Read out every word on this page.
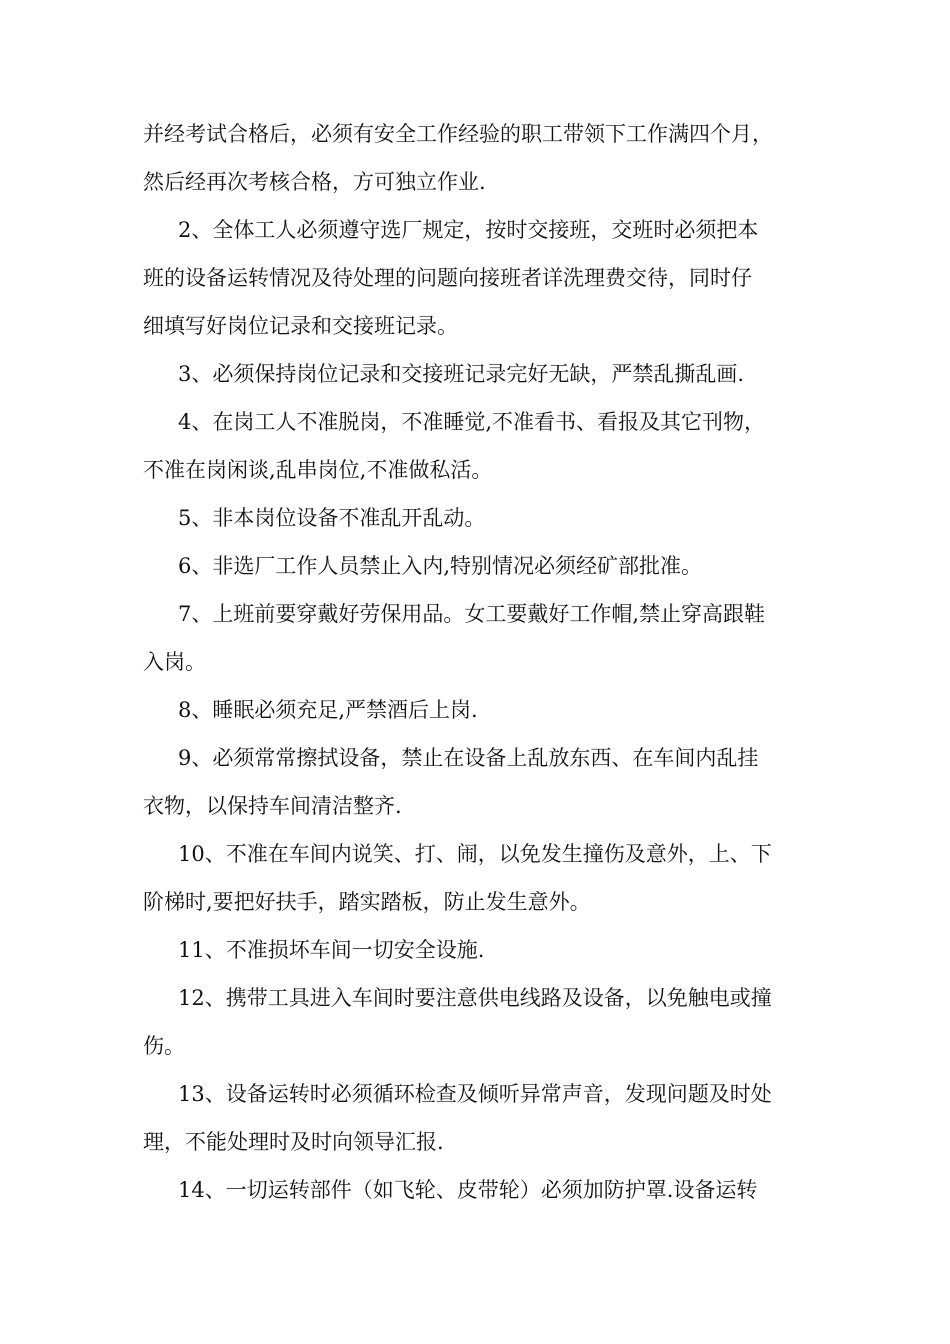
并经考试合格后，必须有安全工作经验的职工带领下工作满四个月，
然后经再次考核合格，方可独立作业.
2、全体工人必须遵守选厂规定，按时交接班，交班时必须把本
班的设备运转情况及待处理的问题向接班者详洗理费交待，同时仔
细填写好岗位记录和交接班记录。
3、必须保持岗位记录和交接班记录完好无缺，严禁乱撕乱画.
4、在岗工人不准脱岗，不准睡觉,不准看书、看报及其它刊物，
不准在岗闲谈,乱串岗位,不准做私活。
5、非本岗位设备不准乱开乱动。
6、非选厂工作人员禁止入内,特别情况必须经矿部批准。
7、上班前要穿戴好劳保用品。女工要戴好工作帽,禁止穿高跟鞋
入岗。
8、睡眠必须充足,严禁酒后上岗.
9、必须常常擦拭设备，禁止在设备上乱放东西、在车间内乱挂
衣物，以保持车间清洁整齐.
10、不准在车间内说笑、打、闹，以免发生撞伤及意外，上、下
阶梯时,要把好扶手，踏实踏板，防止发生意外。
11、不准损坏车间一切安全设施.
12、携带工具进入车间时要注意供电线路及设备，以免触电或撞
伤。
13、设备运转时必须循环检查及倾听异常声音，发现问题及时处
理，不能处理时及时向领导汇报.
14、一切运转部件（如飞轮、皮带轮）必须加防护罩.设备运转
